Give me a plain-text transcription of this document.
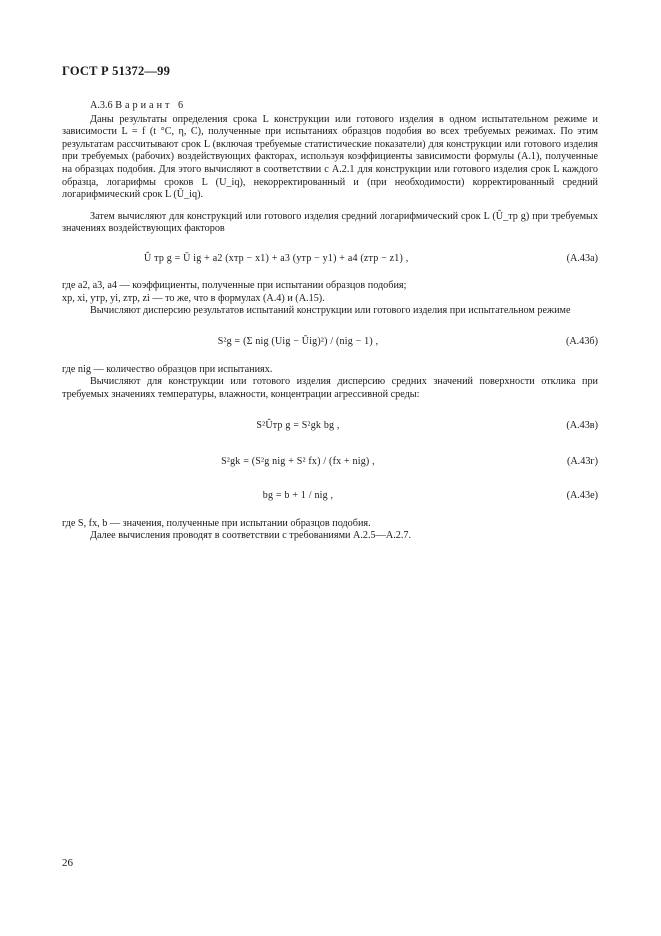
ГОСТ Р 51372—99

А.3.6 Вариант 6

Даны результаты определения срока L конструкции или готового изделия в одном испытательном режиме и зависимости L = f (t °С, η, C), полученные при испытаниях образцов подобия во всех требуемых режимах. По этим результатам рассчитывают срок L (включая требуемые статистические показатели) для конструкции или готового изделия при требуемых (рабочих) воздействующих факторах, используя коэффициенты зависимости формулы (А.1), полученные на образцах подобия. Для этого вычисляют в соответствии с А.2.1 для конструкции или готового изделия срок L каждого образца, логарифмы сроков L (U_iq), некорректированный и (при необходимости) корректированный средний логарифмический срок L (Ū_iq).

Затем вычисляют для конструкций или готового изделия средний логарифмический срок L (Û_тр g) при требуемых значениях воздействующих факторов

Û тр g = Ū ig + a2 (xтр − x1) + a3 (yтр − y1) + a4 (zтр − z1) ,	(А.43а)

где a2, a3, a4 — коэффициенты, полученные при испытании образцов подобия;

xp, xi, yтр, yi, zтр, zi — то же, что в формулах (А.4) и (А.15).

Вычисляют дисперсию результатов испытаний конструкции или готового изделия при испытательном режиме

S²g = (Σ nig (Uig − Ūig)²) / (nig − 1) ,	(А.43б)

где nig — количество образцов при испытаниях.

Вычисляют для конструкции или готового изделия дисперсию средних значений поверхности отклика при требуемых значениях температуры, влажности, концентрации агрессивной среды:

S²Ûтр g = S²gk bg ,	(А.43в)
S²gk = (S²g nig + S² fx) / (fx + nig) ,	(А.43г)
bg = b + 1 / nig ,	(А.43е)

где S, fx, b — значения, полученные при испытании образцов подобия.

Далее вычисления проводят в соответствии с требованиями А.2.5—А.2.7.

26
